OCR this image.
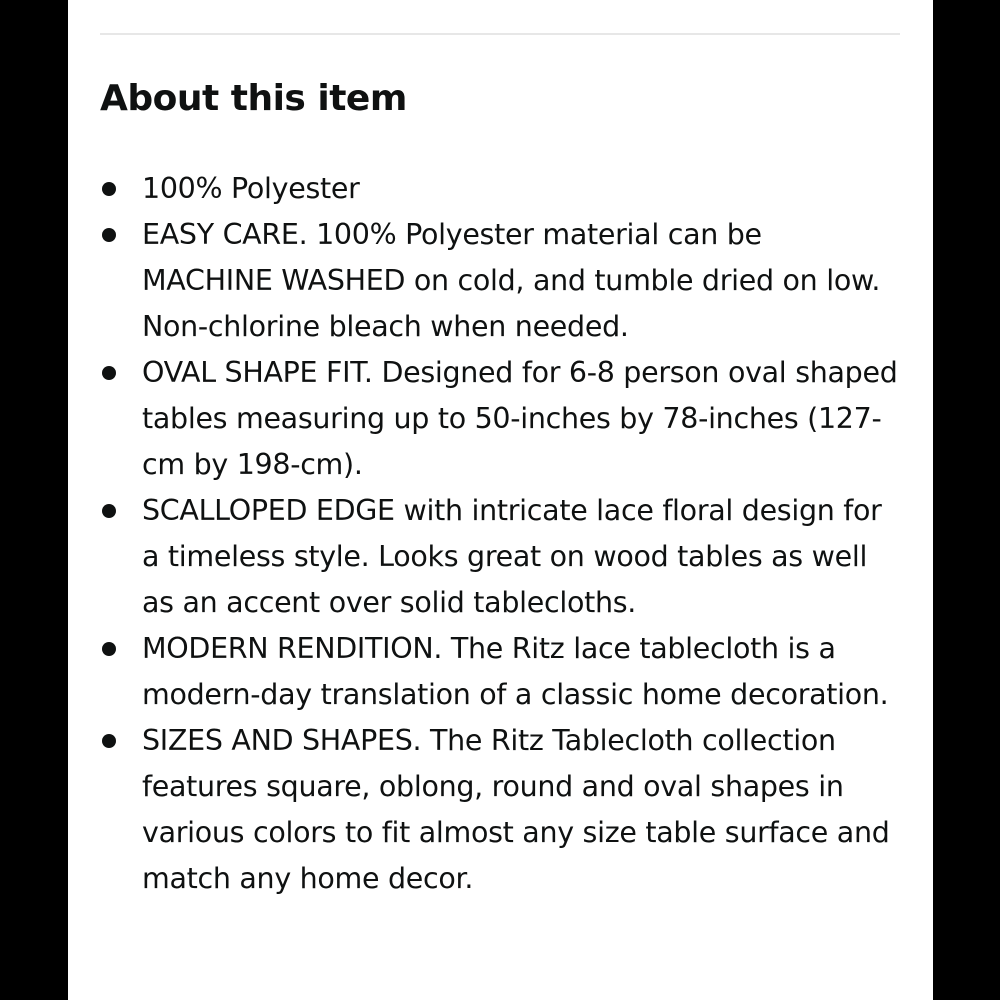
About this item
100% Polyester
EASY CARE. 100% Polyester material can be MACHINE WASHED on cold, and tumble dried on low. Non-chlorine bleach when needed.
OVAL SHAPE FIT. Designed for 6-8 person oval shaped tables measuring up to 50-inches by 78-inches (127-cm by 198-cm).
SCALLOPED EDGE with intricate lace floral design for a timeless style. Looks great on wood tables as well as an accent over solid tablecloths.
MODERN RENDITION. The Ritz lace tablecloth is a modern-day translation of a classic home decoration.
SIZES AND SHAPES. The Ritz Tablecloth collection features square, oblong, round and oval shapes in various colors to fit almost any size table surface and match any home decor.
